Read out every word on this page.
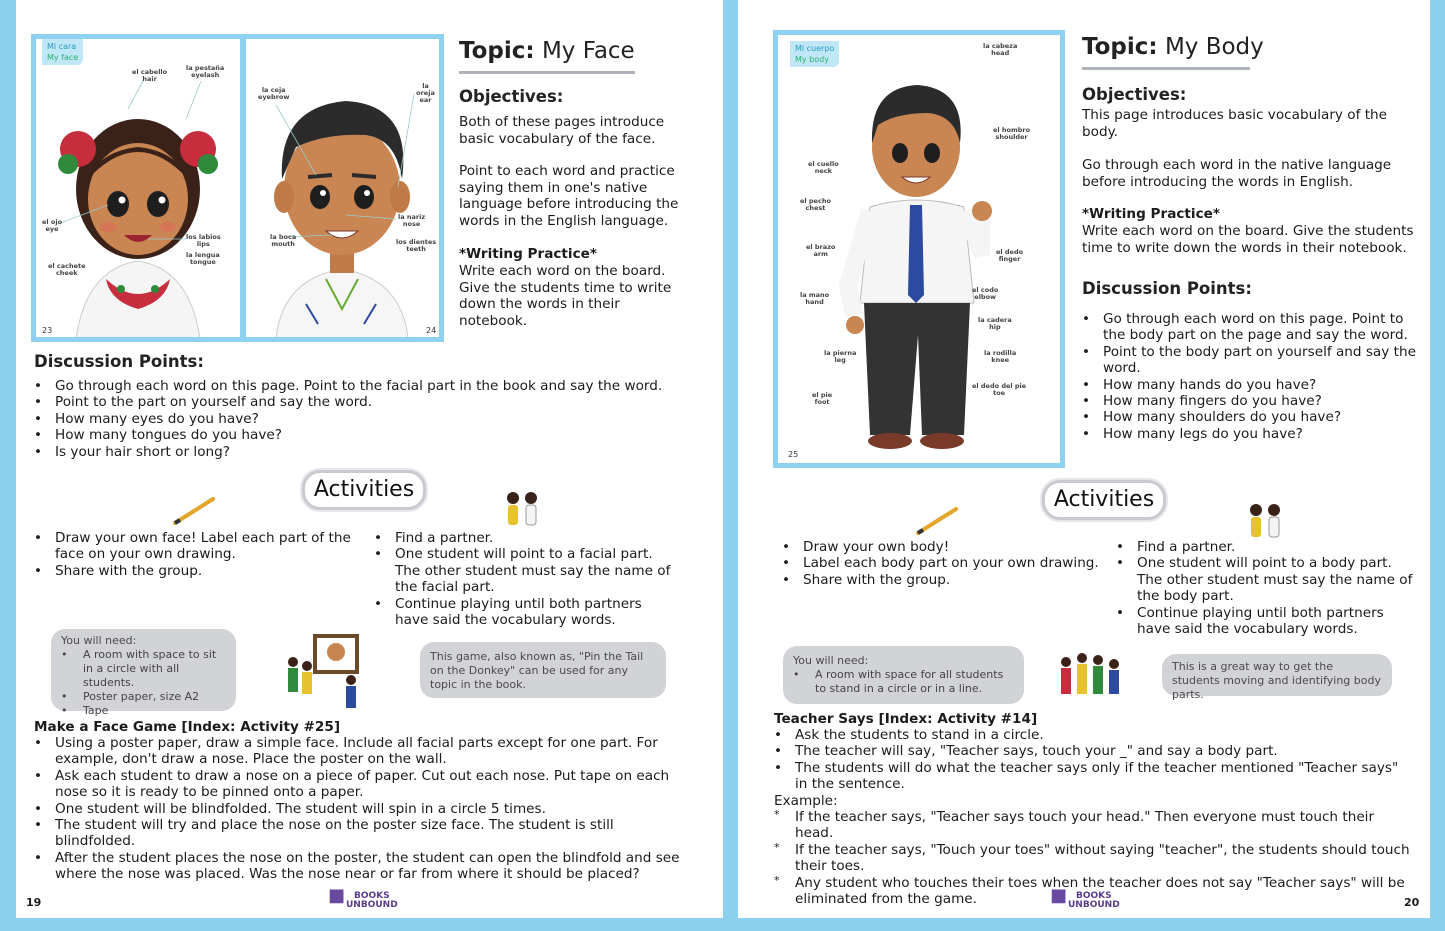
Mi cara
My face
el cabello
hair
la pestaña
eyelash
el ojo
eye
los labios
lips
la lengua
tongue
el cachete
cheek
23
la ceja
eyebrow
la oreja
ear
la nariz
nose
la boca
mouth	los dientes
teeth
24
Topic: My Face
Objectives:
Both of these pages introduce basic vocabulary of the face.
Point to each word and practice saying them in one's native language before introducing the words in the English language.
*Writing Practice*
Write each word on the board. Give the students time to write down the words in their notebook.
Discussion Points:
• Go through each word on this page. Point to the facial part in the book and say the word.
• Point to the part on yourself and say the word.
• How many eyes do you have?
• How many tongues do you have?
• Is your hair short or long?
Activities
• Draw your own face! Label each part of the face on your own drawing.
• Share with the group.
• Find a partner.
• One student will point to a facial part. The other student must say the name of the facial part.
• Continue playing until both partners have said the vocabulary words.
You will need:
• A room with space to sit in a circle with all students.
• Poster paper, size A2
• Tape
This game, also known as, "Pin the Tail on the Donkey" can be used for any topic in the book.
Make a Face Game [Index: Activity #25]
• Using a poster paper, draw a simple face. Include all facial parts except for one part. For example, don't draw a nose. Place the poster on the wall.
• Ask each student to draw a nose on a piece of paper. Cut out each nose. Put tape on each nose so it is ready to be pinned onto a paper.
• One student will be blindfolded. The student will spin in a circle 5 times.
• The student will try and place the nose on the poster size face. The student is still blindfolded.
• After the student places the nose on the poster, the student can open the blindfold and see where the nose was placed. Was the nose near or far from where it should be placed?
19	■ BOOKS
UNBOUND
Mi cuerpo
My body
la cabeza
head
el hombro
shoulder
el cuello
neck
el pecho
chest
el brazo
arm	el dedo
finger
el codo
elbow
la mano
hand
la cadera
hip
la pierna
leg
la rodilla
knee
el dedo del pie
toe
el pie
foot
25
Topic: My Body
Objectives:
This page introduces basic vocabulary of the body.
Go through each word in the native language before introducing the words in English.
*Writing Practice*
Write each word on the board. Give the students time to write down the words in their notebook.
Discussion Points:
• Go through each word on this page. Point to the body part on the page and say the word.
• Point to the body part on yourself and say the word.
• How many hands do you have?
• How many fingers do you have?
• How many shoulders do you have?
• How many legs do you have?
Activities
• Draw your own body!
• Label each body part on your own drawing.
• Share with the group.
• Find a partner.
• One student will point to a body part. The other student must say the name of the body part.
• Continue playing until both partners have said the vocabulary words.
You will need:
• A room with space for all students to stand in a circle or in a line.
This is a great way to get the students moving and identifying body parts.
Teacher Says [Index: Activity #14]
• Ask the students to stand in a circle.
• The teacher will say, "Teacher says, touch your _" and say a body part.
• The students will do what the teacher says only if the teacher mentioned "Teacher says" in the sentence.
Example:
* If the teacher says, "Teacher says touch your head." Then everyone must touch their head.
* If the teacher says, "Touch your toes" without saying "teacher", the students should touch their toes.
* Any student who touches their toes when the teacher does not say "Teacher says" will be eliminated from the game.	■ BOOKS
UNBOUND	20
